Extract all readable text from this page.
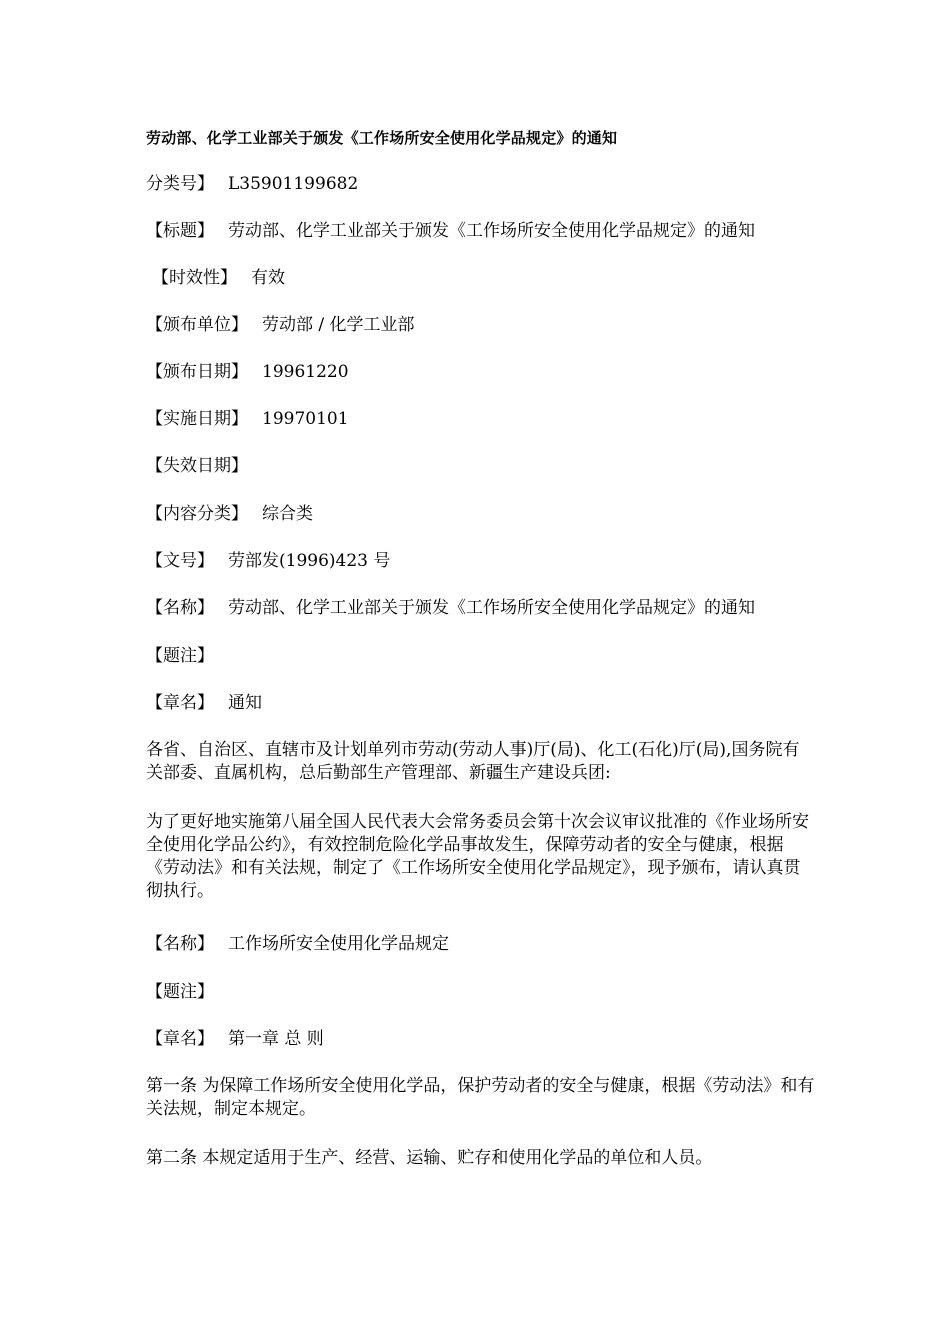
劳动部、化学工业部关于颁发《工作场所安全使用化学品规定》的通知
分类号】 L35901199682
【标题】 劳动部、化学工业部关于颁发《工作场所安全使用化学品规定》的通知
【时效性】 有效
【颁布单位】 劳动部 / 化学工业部
【颁布日期】 19961220
【实施日期】 19970101
【失效日期】
【内容分类】 综合类
【文号】 劳部发(1996)423 号
【名称】 劳动部、化学工业部关于颁发《工作场所安全使用化学品规定》的通知
【题注】
【章名】 通知
各省、自治区、直辖市及计划单列市劳动(劳动人事)厅(局)、化工(石化)厅(局),国务院有关部委、直属机构，总后勤部生产管理部、新疆生产建设兵团:
为了更好地实施第八届全国人民代表大会常务委员会第十次会议审议批准的《作业场所安全使用化学品公约》，有效控制危险化学品事故发生，保障劳动者的安全与健康，根据《劳动法》和有关法规，制定了《工作场所安全使用化学品规定》，现予颁布，请认真贯彻执行。
【名称】 工作场所安全使用化学品规定
【题注】
【章名】 第一章 总 则
第一条 为保障工作场所安全使用化学品，保护劳动者的安全与健康，根据《劳动法》和有关法规，制定本规定。
第二条 本规定适用于生产、经营、运输、贮存和使用化学品的单位和人员。
